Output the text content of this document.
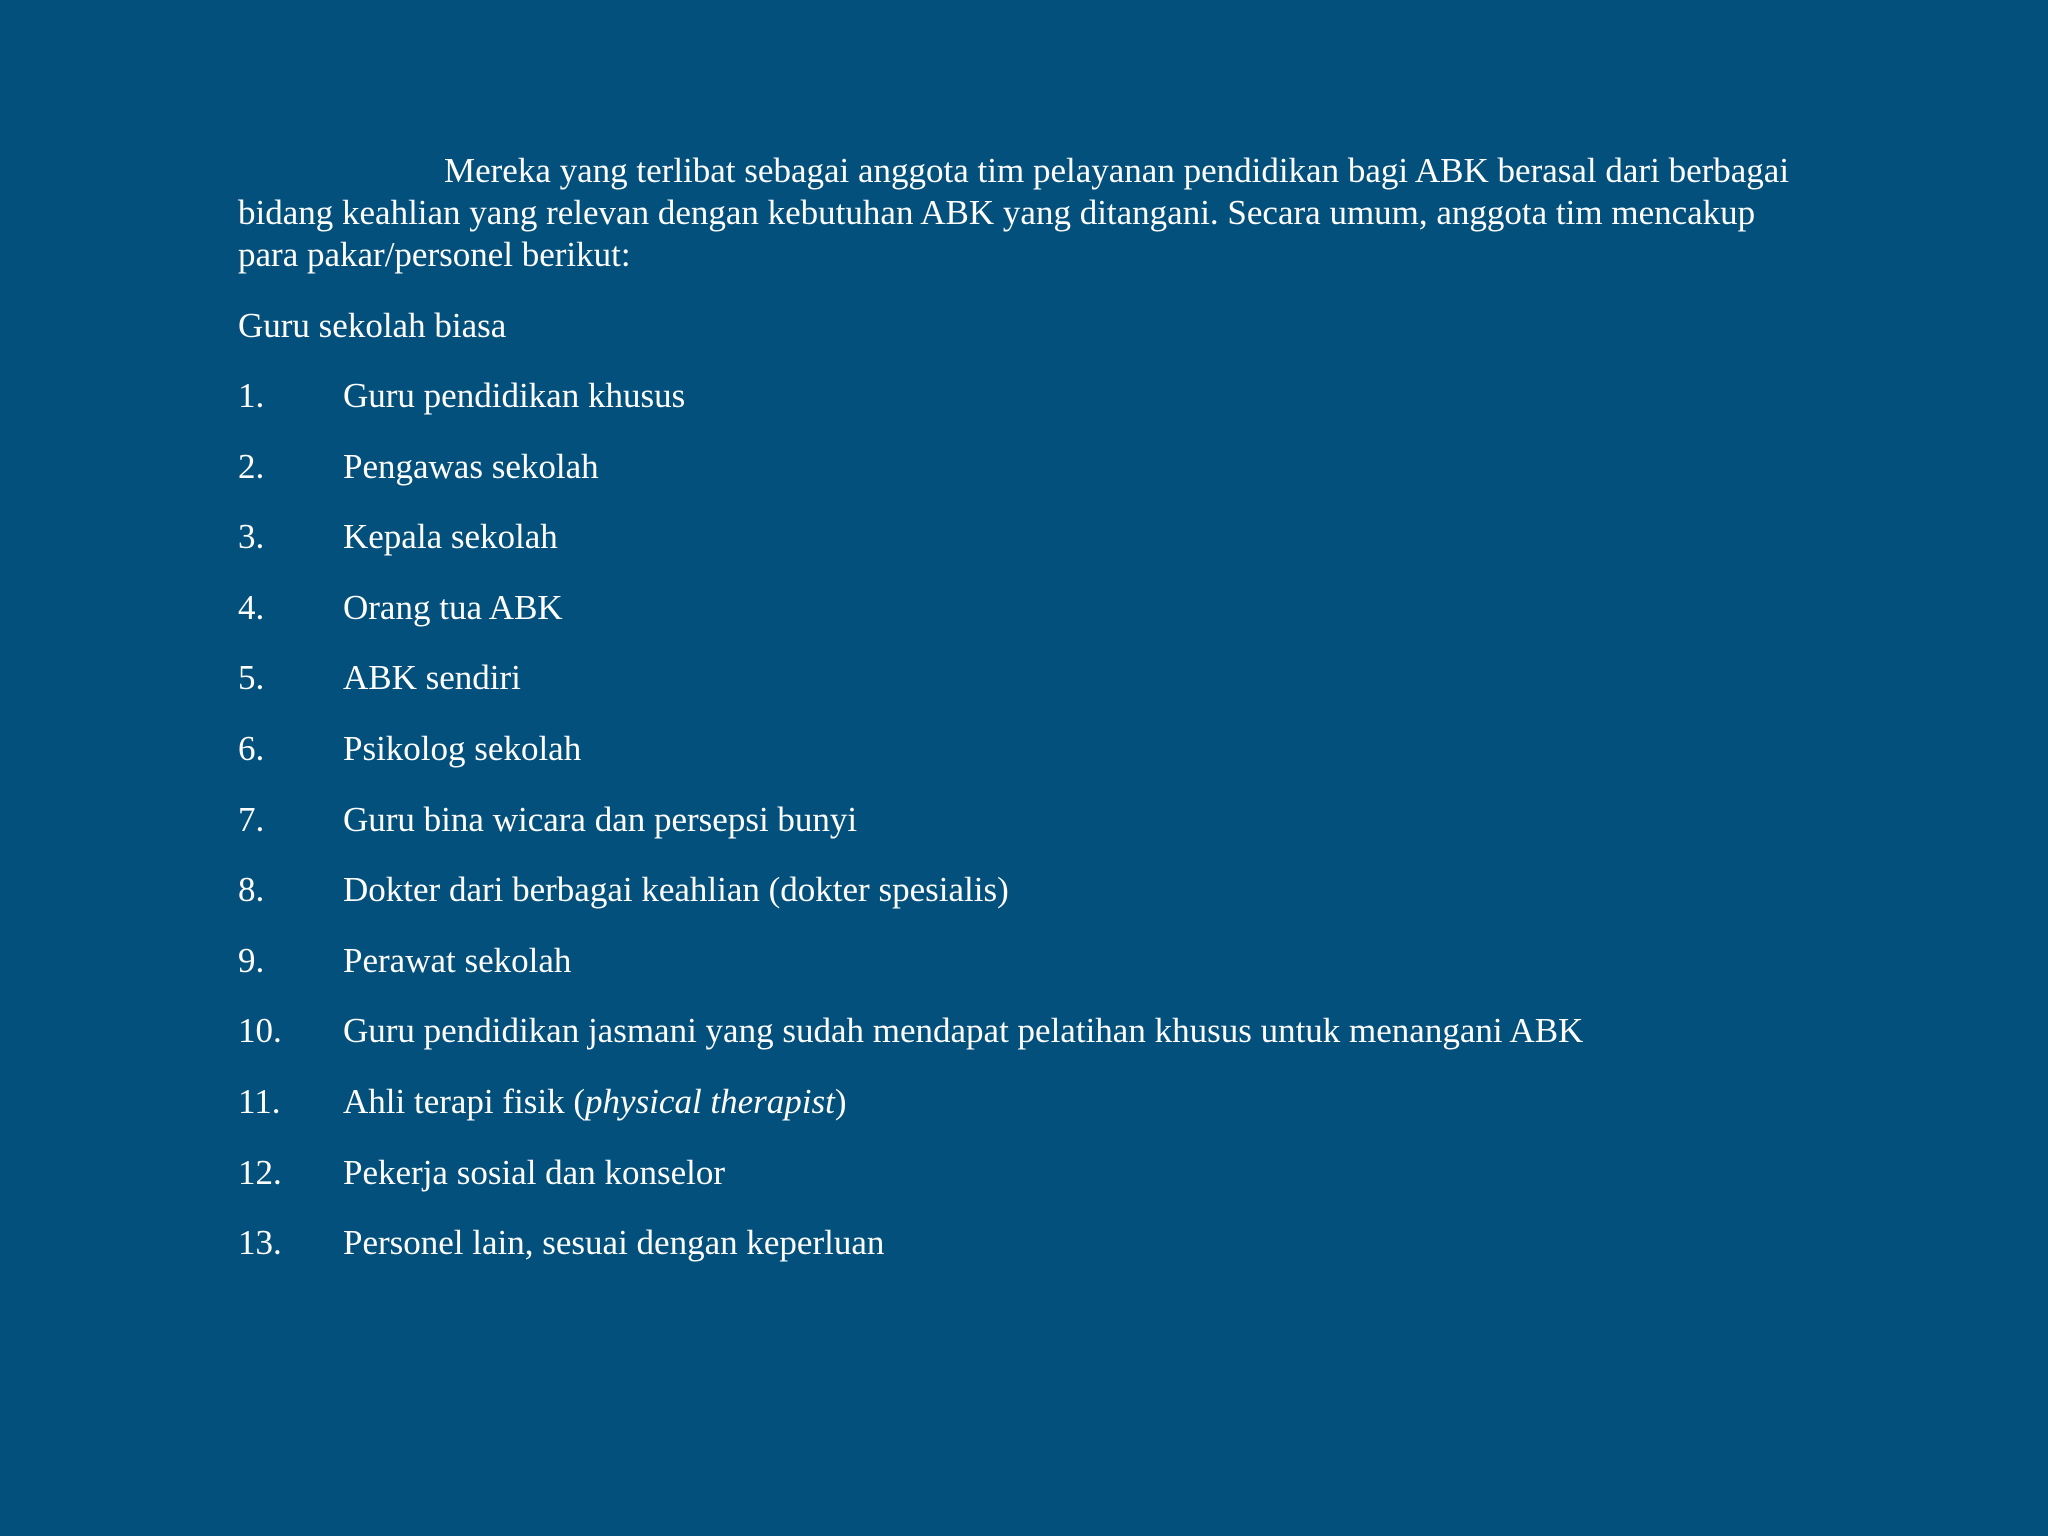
Mereka yang terlibat sebagai anggota tim pelayanan pendidikan bagi ABK berasal dari berbagai bidang keahlian yang relevan dengan kebutuhan ABK yang ditangani. Secara umum, anggota tim mencakup para pakar/personel berikut:

Guru sekolah biasa

1. Guru pendidikan khusus
2. Pengawas sekolah
3. Kepala sekolah
4. Orang tua ABK
5. ABK sendiri
6. Psikolog sekolah
7. Guru bina wicara dan persepsi bunyi
8. Dokter dari berbagai keahlian (dokter spesialis)
9. Perawat sekolah
10. Guru pendidikan jasmani yang sudah mendapat pelatihan khusus untuk menangani ABK
11. Ahli terapi fisik (physical therapist)
12. Pekerja sosial dan konselor
13. Personel lain, sesuai dengan keperluan
